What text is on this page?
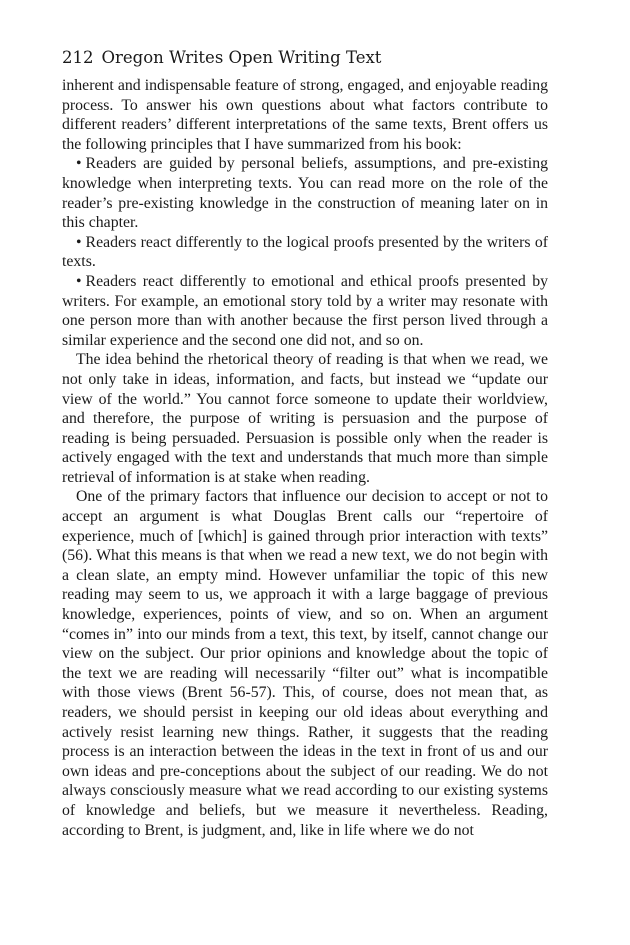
212 Oregon Writes Open Writing Text

inherent and indispensable feature of strong, engaged, and enjoyable reading process. To answer his own questions about what factors contribute to different readers’ different interpretations of the same texts, Brent offers us the following principles that I have summarized from his book:

• Readers are guided by personal beliefs, assumptions, and pre-existing knowledge when interpreting texts. You can read more on the role of the reader’s pre-existing knowledge in the construction of meaning later on in this chapter.

• Readers react differently to the logical proofs presented by the writers of texts.

• Readers react differently to emotional and ethical proofs presented by writers. For example, an emotional story told by a writer may resonate with one person more than with another because the first person lived through a similar experience and the second one did not, and so on.

The idea behind the rhetorical theory of reading is that when we read, we not only take in ideas, information, and facts, but instead we “update our view of the world.” You cannot force someone to update their worldview, and therefore, the purpose of writing is persuasion and the purpose of reading is being persuaded. Persuasion is possible only when the reader is actively engaged with the text and understands that much more than simple retrieval of information is at stake when reading.

One of the primary factors that influence our decision to accept or not to accept an argument is what Douglas Brent calls our “repertoire of experience, much of [which] is gained through prior interaction with texts” (56). What this means is that when we read a new text, we do not begin with a clean slate, an empty mind. However unfamiliar the topic of this new reading may seem to us, we approach it with a large baggage of previous knowledge, experiences, points of view, and so on. When an argument “comes in” into our minds from a text, this text, by itself, cannot change our view on the subject. Our prior opinions and knowledge about the topic of the text we are reading will necessarily “filter out” what is incompatible with those views (Brent 56-57). This, of course, does not mean that, as readers, we should persist in keeping our old ideas about everything and actively resist learning new things. Rather, it suggests that the reading process is an interaction between the ideas in the text in front of us and our own ideas and pre-conceptions about the subject of our reading. We do not always consciously measure what we read according to our existing systems of knowledge and beliefs, but we measure it nevertheless. Reading, according to Brent, is judgment, and, like in life where we do not
